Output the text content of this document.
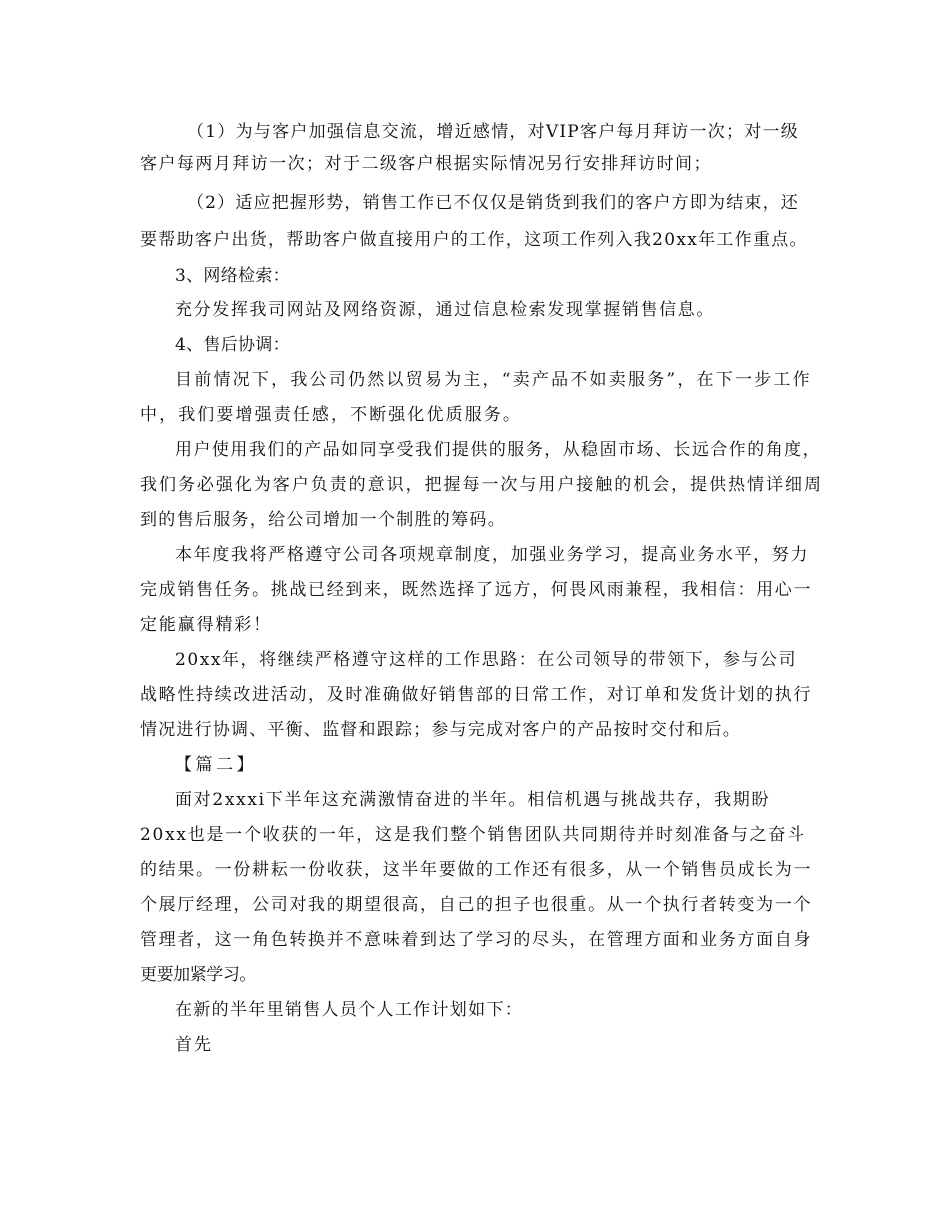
（1）为与客户加强信息交流，增近感情，对VIP客户每月拜访一次；对一级
客户每两月拜访一次；对于二级客户根据实际情况另行安排拜访时间；
（2）适应把握形势，销售工作已不仅仅是销货到我们的客户方即为结束，还
要帮助客户出货，帮助客户做直接用户的工作，这项工作列入我20xx年工作重点。
3、网络检索：
充分发挥我司网站及网络资源，通过信息检索发现掌握销售信息。
4、售后协调：
目前情况下，我公司仍然以贸易为主，“卖产品不如卖服务”，在下一步工作
中，我们要增强责任感，不断强化优质服务。
用户使用我们的产品如同享受我们提供的服务，从稳固市场、长远合作的角度，
我们务必强化为客户负责的意识，把握每一次与用户接触的机会，提供热情详细周
到的售后服务，给公司增加一个制胜的筹码。
本年度我将严格遵守公司各项规章制度，加强业务学习，提高业务水平，努力
完成销售任务。挑战已经到来，既然选择了远方，何畏风雨兼程，我相信：用心一
定能赢得精彩！
20xx年，将继续严格遵守这样的工作思路：在公司领导的带领下，参与公司
战略性持续改进活动，及时准确做好销售部的日常工作，对订单和发货计划的执行
情况进行协调、平衡、监督和跟踪；参与完成对客户的产品按时交付和后。
【篇二】
面对2xxxi下半年这充满激情奋进的半年。相信机遇与挑战共存，我期盼
20xx也是一个收获的一年，这是我们整个销售团队共同期待并时刻准备与之奋斗
的结果。一份耕耘一份收获，这半年要做的工作还有很多，从一个销售员成长为一
个展厅经理，公司对我的期望很高，自己的担子也很重。从一个执行者转变为一个
管理者，这一角色转换并不意味着到达了学习的尽头，在管理方面和业务方面自身
更要加紧学习。
在新的半年里销售人员个人工作计划如下：
首先
